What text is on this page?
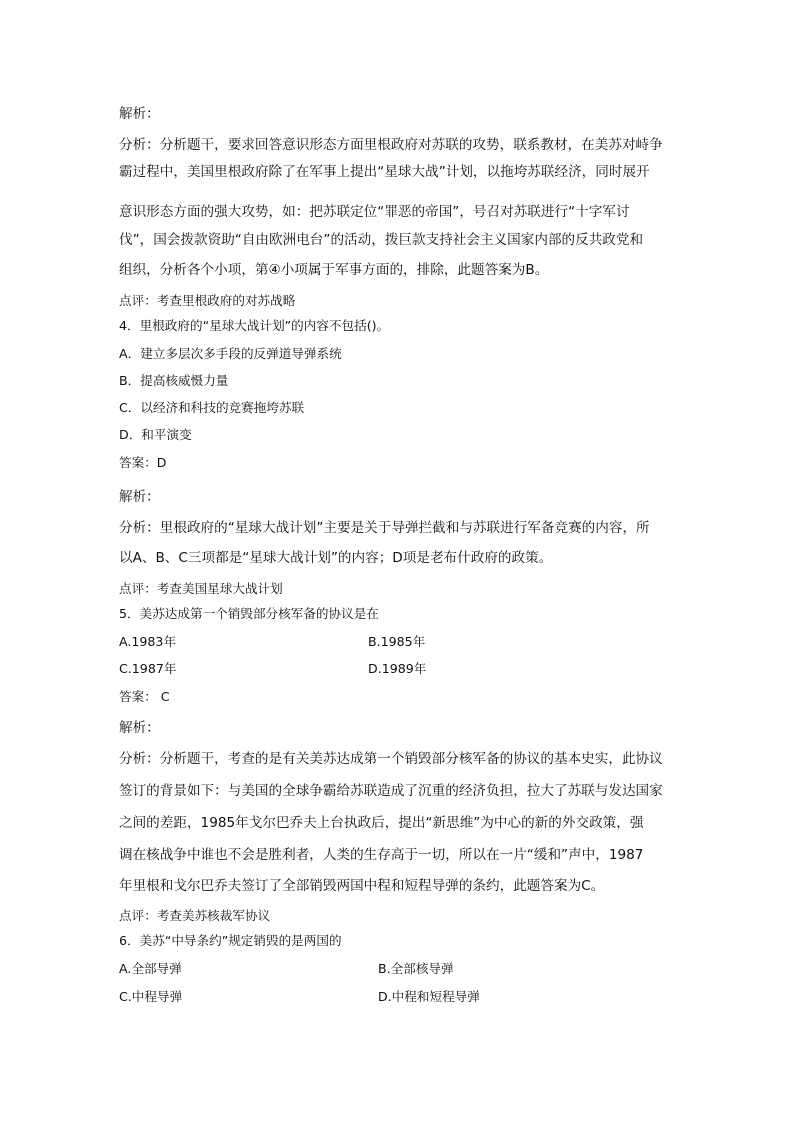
解析：
分析：分析题干，要求回答意识形态方面里根政府对苏联的攻势，联系教材，在美苏对峙争
霸过程中，美国里根政府除了在军事上提出“星球大战”计划，以拖垮苏联经济，同时展开
意识形态方面的强大攻势，如：把苏联定位“罪恶的帝国”，号召对苏联进行“十字军讨
伐”，国会拨款资助“自由欧洲电台”的活动，拨巨款支持社会主义国家内部的反共政党和
组织，分析各个小项，第④小项属于军事方面的，排除，此题答案为B。
点评：考查里根政府的对苏战略
4．里根政府的“星球大战计划”的内容不包括()。
A．建立多层次多手段的反弹道导弹系统
B．提高核威慑力量
C．以经济和科技的竞赛拖垮苏联
D．和平演变
答案：D
解析：
分析：里根政府的“星球大战计划”主要是关于导弹拦截和与苏联进行军备竞赛的内容，所
以A、B、C三项都是“星球大战计划”的内容；D项是老布什政府的政策。
点评：考查美国星球大战计划
5．美苏达成第一个销毁部分核军备的协议是在
A.1983年	B.1985年
C.1987年	D.1989年
答案： C
解析：
分析：分析题干，考查的是有关美苏达成第一个销毁部分核军备的协议的基本史实，此协议
签订的背景如下：与美国的全球争霸给苏联造成了沉重的经济负担，拉大了苏联与发达国家
之间的差距，1985年戈尔巴乔夫上台执政后，提出“新思维”为中心的新的外交政策，强
调在核战争中谁也不会是胜利者，人类的生存高于一切，所以在一片“缓和”声中，1987
年里根和戈尔巴乔夫签订了全部销毁两国中程和短程导弹的条约，此题答案为C。
点评：考查美苏核裁军协议
6．美苏“中导条约”规定销毁的是两国的
A.全部导弹	B.全部核导弹
C.中程导弹	D.中程和短程导弹
